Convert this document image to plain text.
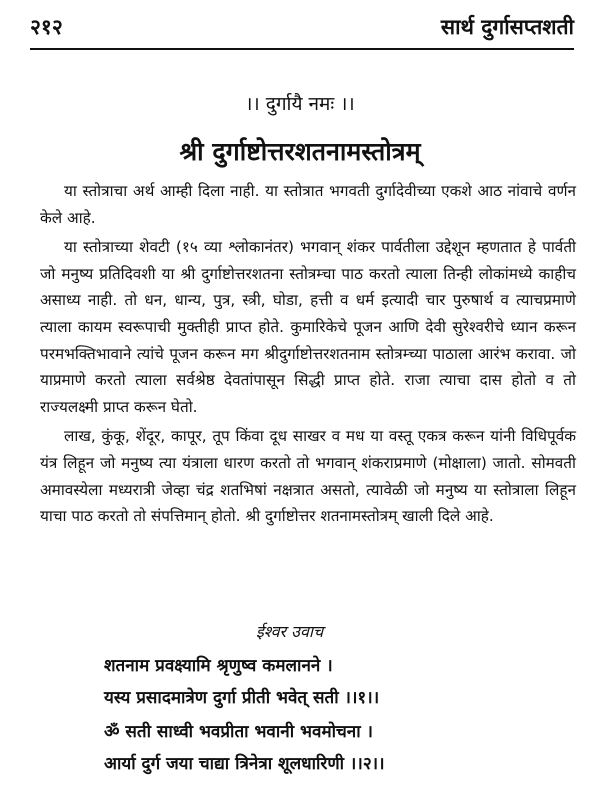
२१२	सार्थ दुर्गासप्तशती
।। दुर्गायै नमः ।।
श्री दुर्गाष्टोत्तरशतनामस्तोत्रम्

या स्तोत्राचा अर्थ आम्ही दिला नाही. या स्तोत्रात भगवती दुर्गादेवीच्या एकशे आठ नांवाचे वर्णन केले आहे.

या स्तोत्राच्या शेवटी (१५ व्या श्लोकानंतर) भगवान् शंकर पार्वतीला उद्देशून म्हणतात हे पार्वती जो मनुष्य प्रतिदिवशी या श्री दुर्गाष्टोत्तरशतना स्तोत्रम्चा पाठ करतो त्याला तिन्ही लोकांमध्ये काहीच असाध्य नाही. तो धन, धान्य, पुत्र, स्त्री, घोडा, हत्ती व धर्म इत्यादी चार पुरुषार्थ व त्याचप्रमाणे त्याला कायम स्वरूपाची मुक्तीही प्राप्त होते. कुमारिकेचे पूजन आणि देवी सुरेश्वरीचे ध्यान करून परमभक्तिभावाने त्यांचे पूजन करून मग श्रीदुर्गाष्टोत्तरशतनाम स्तोत्रम्च्या पाठाला आरंभ करावा. जो याप्रमाणे करतो त्याला सर्वश्रेष्ठ देवतांपासून सिद्धी प्राप्त होते. राजा त्याचा दास होतो व तो राज्यलक्ष्मी प्राप्त करून घेतो.

लाख, कुंकू, शेंदूर, कापूर, तूप किंवा दूध साखर व मध या वस्तू एकत्र करून यांनी विधिपूर्वक यंत्र लिहून जो मनुष्य त्या यंत्राला धारण करतो तो भगवान् शंकराप्रमाणे (मोक्षाला) जातो. सोमवती अमावस्येला मध्यरात्री जेव्हा चंद्र शतभिषां नक्षत्रात असतो, त्यावेळी जो मनुष्य या स्तोत्राला लिहून याचा पाठ करतो तो संपत्तिमान् होतो. श्री दुर्गाष्टोत्तर शतनामस्तोत्रम् खाली दिले आहे.

ईश्वर उवाच
शतनाम प्रवक्ष्यामि श्रृणुष्व कमलानने ।
यस्य प्रसादमात्रेण दुर्गा प्रीती भवेत् सती ।।१।।
ॐ सती साध्वी भवप्रीता भवानी भवमोचना ।
आर्या दुर्ग जया चाद्या त्रिनेत्रा शूलधारिणी ।।२।।
